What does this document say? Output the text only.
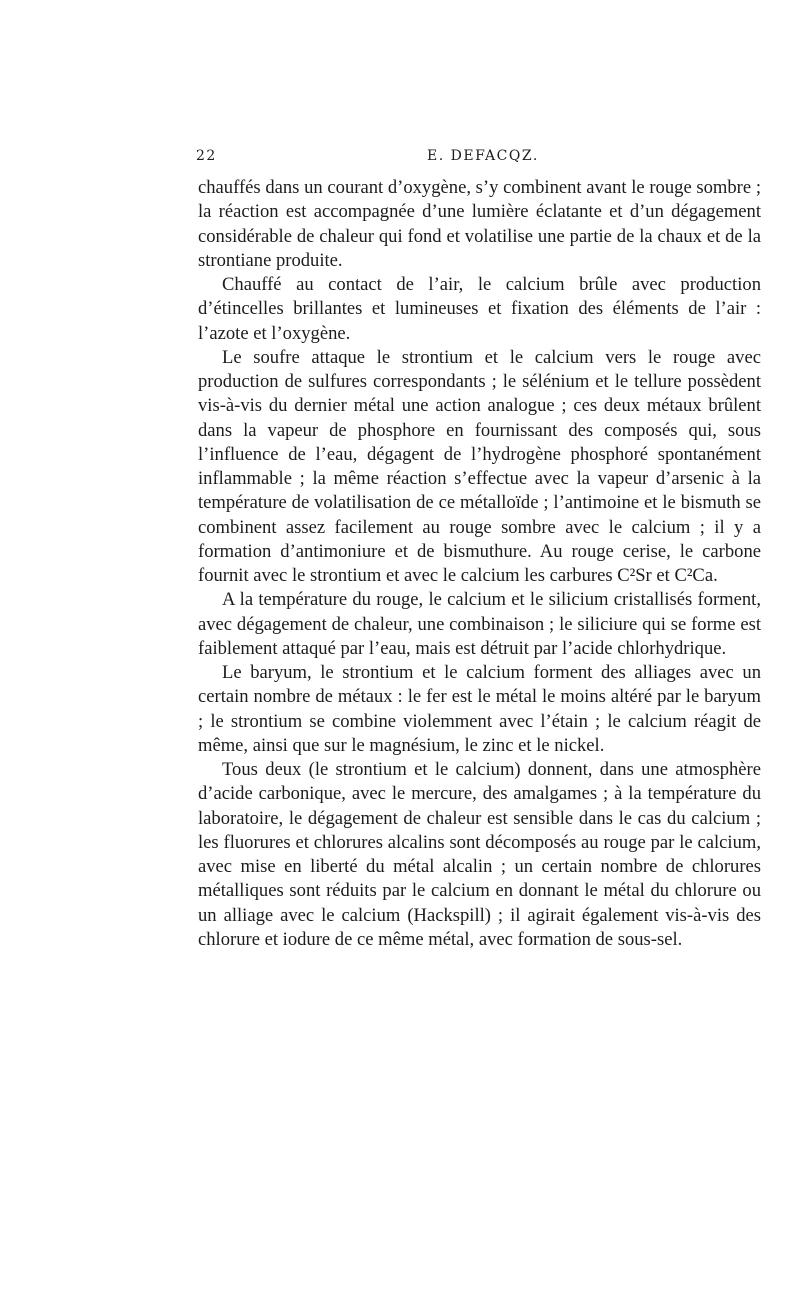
22	E. DEFACQZ.

chauffés dans un courant d’oxygène, s’y combinent avant le rouge sombre ; la réaction est accompagnée d’une lumière éclatante et d’un dégagement considérable de chaleur qui fond et volatilise une partie de la chaux et de la strontiane produite.

Chauffé au contact de l’air, le calcium brûle avec production d’étincelles brillantes et lumineuses et fixation des éléments de l’air : l’azote et l’oxygène.

Le soufre attaque le strontium et le calcium vers le rouge avec production de sulfures correspondants ; le sélénium et le tellure possèdent vis-à-vis du dernier métal une action analogue ; ces deux métaux brûlent dans la vapeur de phosphore en fournissant des composés qui, sous l’influence de l’eau, dégagent de l’hydrogène phosphoré spontanément inflammable ; la même réaction s’effectue avec la vapeur d’arsenic à la température de volatilisation de ce métalloïde ; l’antimoine et le bismuth se combinent assez facilement au rouge sombre avec le calcium ; il y a formation d’antimoniure et de bismuthure. Au rouge cerise, le carbone fournit avec le strontium et avec le calcium les carbures C²Sr et C²Ca.

A la température du rouge, le calcium et le silicium cristallisés forment, avec dégagement de chaleur, une combinaison ; le siliciure qui se forme est faiblement attaqué par l’eau, mais est détruit par l’acide chlorhydrique.

Le baryum, le strontium et le calcium forment des alliages avec un certain nombre de métaux : le fer est le métal le moins altéré par le baryum ; le strontium se combine violemment avec l’étain ; le calcium réagit de même, ainsi que sur le magnésium, le zinc et le nickel.

Tous deux (le strontium et le calcium) donnent, dans une atmosphère d’acide carbonique, avec le mercure, des amalgames ; à la température du laboratoire, le dégagement de chaleur est sensible dans le cas du calcium ; les fluorures et chlorures alcalins sont décomposés au rouge par le calcium, avec mise en liberté du métal alcalin ; un certain nombre de chlorures métalliques sont réduits par le calcium en donnant le métal du chlorure ou un alliage avec le calcium (Hackspill) ; il agirait également vis-à-vis des chlorure et iodure de ce même métal, avec formation de sous-sel.
